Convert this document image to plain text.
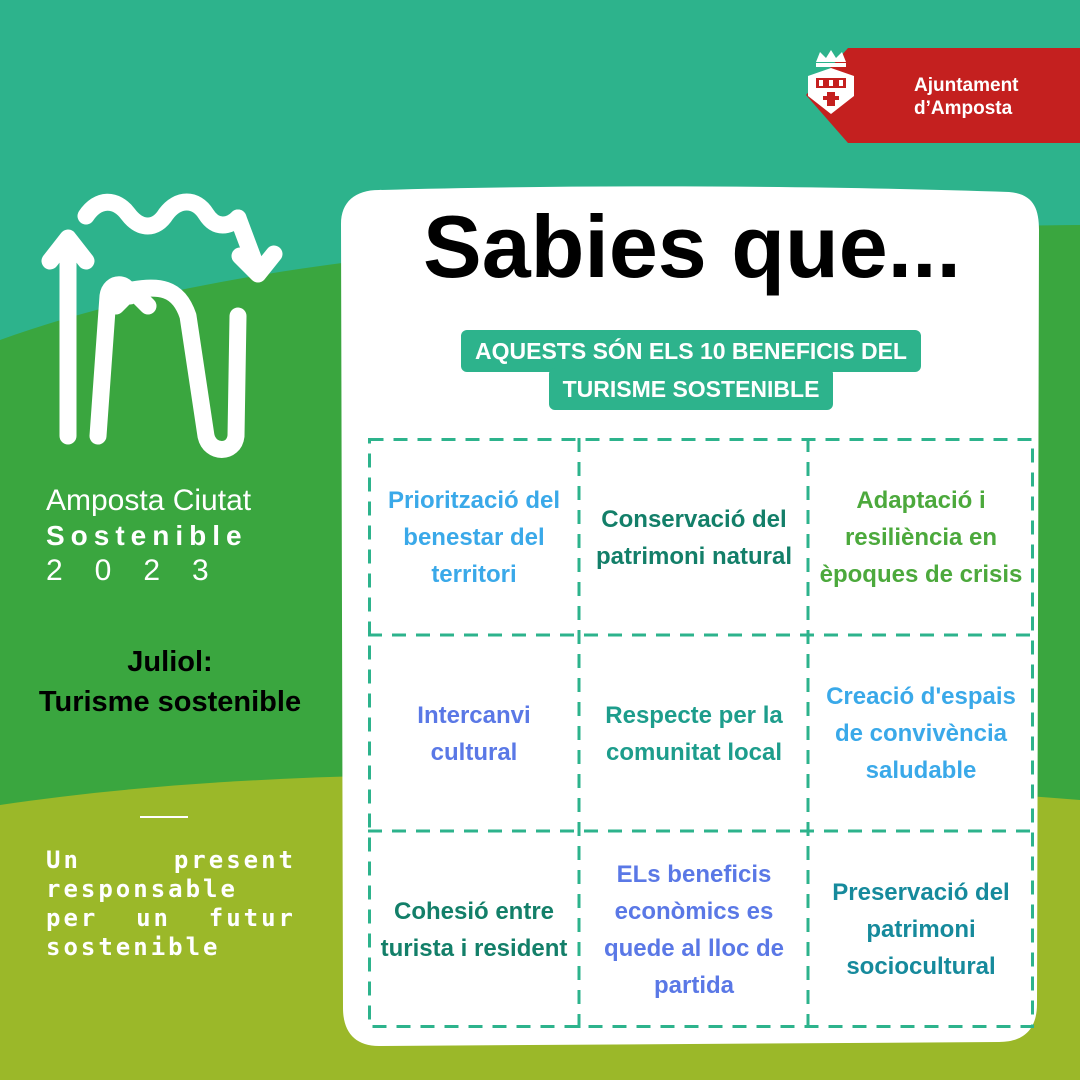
Ajuntament
d’Amposta
Amposta Ciutat
Sostenible
2023
Juliol:
Turisme sostenible
Un present
responsable
per un futur
sostenible
Sabies que...
AQUESTS SÓN ELS 10 BENEFICIS DEL
TURISME SOSTENIBLE
Priorització del benestar del territori
Conservació del patrimoni natural
Adaptació i resiliència en èpoques de crisis
Intercanvi cultural
Respecte per la comunitat local
Creació d'espais de convivència saludable
Cohesió entre turista i resident
ELs beneficis econòmics es quede al lloc de partida
Preservació del patrimoni sociocultural
